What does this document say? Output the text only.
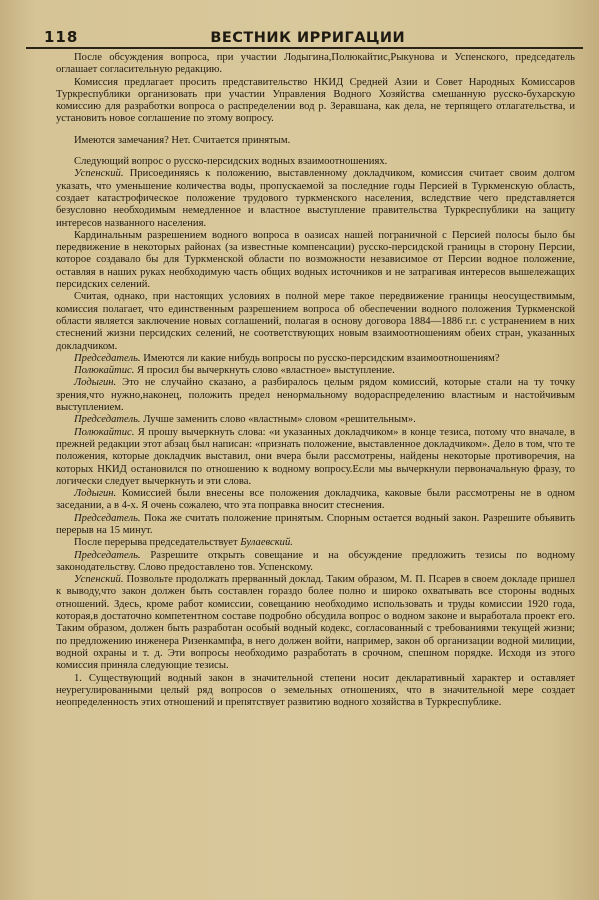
118	ВЕСТНИК ИРРИГАЦИИ

После обсуждения вопроса, при участии Лодыгина,Полюкайтис,Рыкунова и Успенского, председатель оглашает согласительную редакцию.

Комиссия предлагает просить представительство НКИД Средней Азии и Совет Народных Комиссаров Туркреспублики организовать при участии Управления Водного Хозяйства смешанную русско-бухарскую комиссию для разработки вопроса о распределении вод р. Зеравшана, как дела, не терпящего отлагательства, и установить новое соглашение по этому вопросу.

Имеются замечания? Нет. Считается принятым.

Следующий вопрос о русско-персидских водных взаимоотношениях.

Успенский. Присоединяясь к положению, выставленному докладчиком, комиссия считает своим долгом указать, что уменьшение количества воды, пропускаемой за последние годы Персией в Туркменскую область, создает катастрофическое положение трудового туркменского населения, вследствие чего представляется безусловно необходимым немедленное и властное выступление правительства Туркреспублики на защиту интересов названного населения.

Кардинальным разрешением водного вопроса в оазисах нашей пограничной с Персией полосы было бы передвижение в некоторых районах (за известные компенсации) русско-персидской границы в сторону Персии, которое создавало бы для Туркменской области по возможности независимое от Персии водное положение, оставляя в наших руках необходимую часть общих водных источников и не затрагивая интересов вышележащих персидских селений.

Считая, однако, при настоящих условиях в полной мере такое передвижение границы неосуществимым, комиссия полагает, что единственным разрешением вопроса об обеспечении водного положения Туркменской области является заключение новых соглашений, полагая в основу договора 1884—1886 г.г. с устранением в них стеснений жизни персидских селений, не соответствующих новым взаимоотношениям обеих стран, указанных докладчиком.

Председатель. Имеются ли какие нибудь вопросы по русско-персидским взаимоотношениям?

Полюкайтис. Я просил бы вычеркнуть слово «властное» выступление.

Лодыгин. Это не случайно сказано, а разбиралось целым рядом комиссий, которые стали на ту точку зрения,что нужно,наконец, положить предел ненормальному водораспределению властным и настойчивым выступлением.

Председатель. Лучше заменить слово «властным» словом «решительным».

Полюкайтис. Я прошу вычеркнуть слова: «и указанных докладчиком» в конце тезиса, потому что вначале, в прежней редакции этот абзац был написан: «признать положение, выставленное докладчиком». Дело в том, что те положения, которые докладчик выставил, они вчера были рассмотрены, найдены некоторые противоречия, на которых НКИД остановился по отношению к водному вопросу.Если мы вычеркнули первоначальную фразу, то логически следует вычеркнуть и эти слова.

Лодыгин. Комиссией были внесены все положения докладчика, каковые были рассмотрены не в одном заседании, а в 4-х. Я очень сожалею, что эта поправка вносит стеснения.

Председатель. Пока же считать положение принятым. Спорным остается водный закон. Разрешите объявить перерыв на 15 минут.

После перерыва председательствует Булаевский.

Председатель. Разрешите открыть совещание и на обсуждение предложить тезисы по водному законодательству. Слово предоставлено тов. Успенскому.

Успенский. Позвольте продолжать прерванный доклад. Таким образом, М. П. Псарев в своем докладе пришел к выводу,что закон должен быть составлен гораздо более полно и широко охватывать все стороны водных отношений. Здесь, кроме работ комиссии, совещанию необходимо использовать и труды комиссии 1920 года, которая,в достаточно компетентном составе подробно обсудила вопрос о водном законе и выработала проект его. Таким образом, должен быть разработан особый водный кодекс, согласованный с требованиями текущей жизни; по предложению инженера Ризенкампфа, в него должен войти, например, закон об организации водной милиции, водной охраны и т. д. Эти вопросы необходимо разработать в срочном, спешном порядке. Исходя из этого комиссия приняла следующие тезисы.

1. Существующий водный закон в значительной степени носит декларативный характер и оставляет неурегулированными целый ряд вопросов о земельных отношениях, что в значительной мере создает неопределенность этих отношений и препятствует развитию водного хозяйства в Туркреспублике.
